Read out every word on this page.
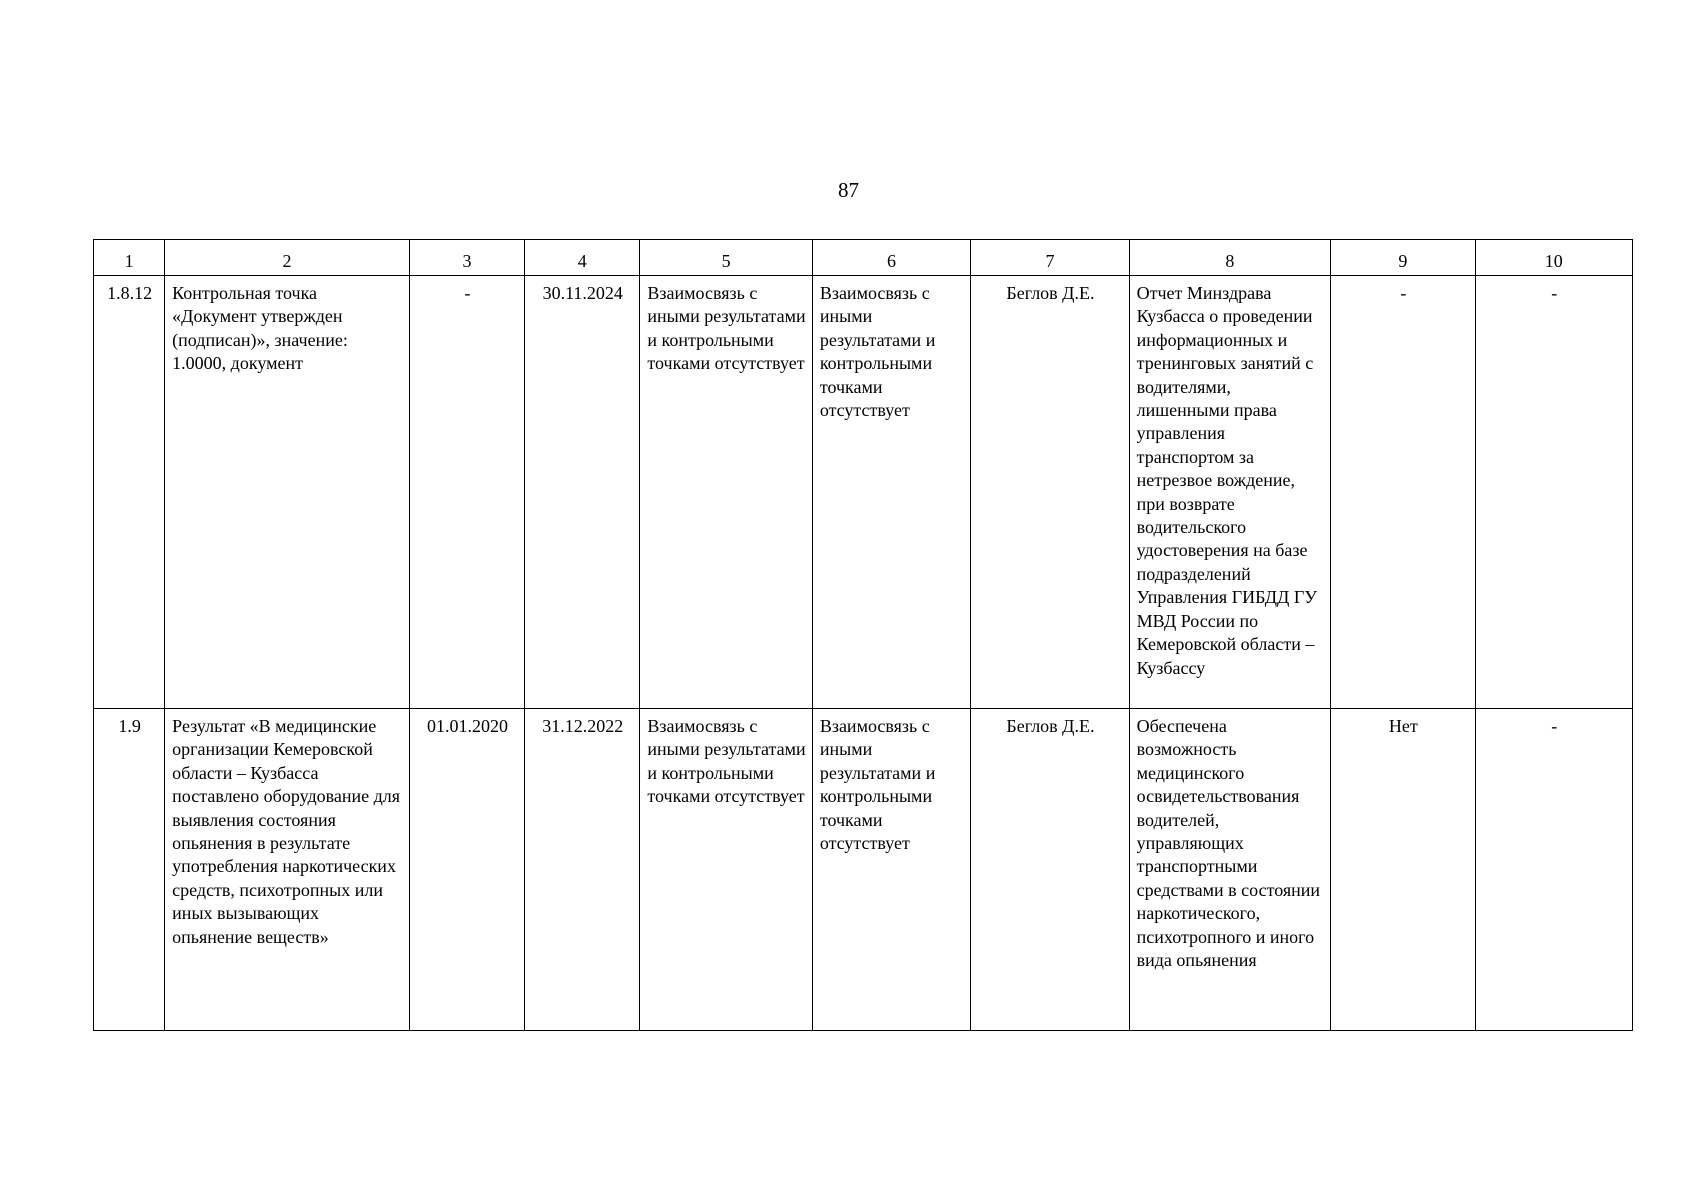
87
1	2	3	4	5	6	7	8	9	10
1.8.12	Контрольная точка «Документ утвержден (подписан)», значение: 1.0000, документ	-	30.11.2024	Взаимосвязь с иными результатами и контрольными точками отсутствует	Взаимосвязь с иными результатами и контрольными точками отсутствует	Беглов Д.Е.	Отчет Минздрава Кузбасса о проведении информационных и тренинговых занятий с водителями, лишенными права управления транспортом за нетрезвое вождение, при возврате водительского удостоверения на базе подразделений Управления ГИБДД ГУ МВД России по Кемеровской области – Кузбассу	-	-
1.9	Результат «В медицинские организации Кемеровской области – Кузбасса поставлено оборудование для выявления состояния опьянения в результате употребления наркотических средств, психотропных или иных вызывающих опьянение веществ»	01.01.2020	31.12.2022	Взаимосвязь с иными результатами и контрольными точками отсутствует	Взаимосвязь с иными результатами и контрольными точками отсутствует	Беглов Д.Е.	Обеспечена возможность медицинского освидетельствования водителей, управляющих транспортными средствами в состоянии наркотического, психотропного и иного вида опьянения	Нет	-
